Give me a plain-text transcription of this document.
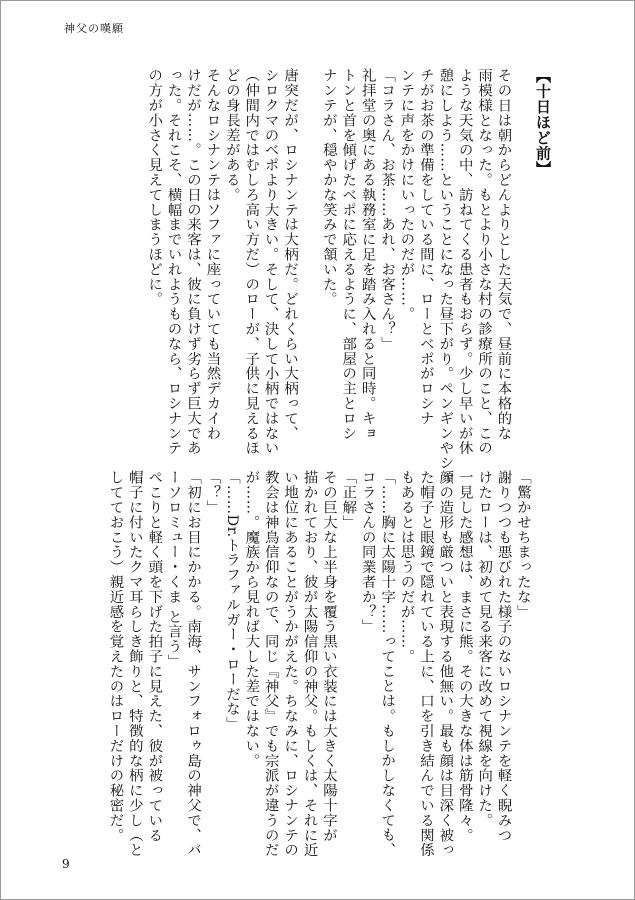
神父の嘆願
【十日ほど前】
その日は朝からどんよりとした天気で、昼前に本格的な
雨模様となった。もとより小さな村の診療所のこと、この
ような天気の中、訪ねてくる患者もおらず。少し早いが休
憩にしよう……ということになった昼下がり。ペンギンやシャ
チがお茶の準備をしている間に、ローとベポがロシナ
ンテに声をかけにいったのだが……。
「コラさん、お茶……あれ、お客さん？」
礼拝堂の奥にある執務室に足を踏み入れると同時。キョ
トンと首を傾げたベポに応えるように、部屋の主とロシ
ナンテが、穏やかな笑みで頷いた。

唐突だが、ロシナンテは大柄だ。どれくらい大柄って、
シロクマのベポより大きい。そして、決して小柄ではない
（仲間内ではむしろ高い方だ）のローが、子供に見えるほ
どの身長差がある。
そんなロシナンテはソファに座っていても当然デカイわ
けだが……。この日の来客は、彼に負けず劣らず巨大であ
った。それこそ、横幅までいれようものなら、ロシナンテ
の方が小さく見えてしまうほどに。
「驚かせちまったな」
謝りつつも悪びれた様子のないロシナンテを軽く睨みつ
けたローは、初めて見る来客に改めて視線を向けた。
一見した感想は、まさに熊。その大きな体は筋骨隆々。
顔の造形も厳ついと表現する他無い。最も顔は目深く被っ
た帽子と眼鏡で隠れている上に、口を引き結んでいる関係
もあるとは思うのだが……。
「……胸に太陽十字……ってことは。もしかしなくても、
コラさんの同業者か？」
「正解」
その巨大な上半身を覆う黒い衣装には大きく太陽十字が
描かれており、彼が太陽信仰の神父。もしくは、それに近
い地位にあることがうかがえた。ちなみに、ロシナンテの
教会は神鳥信仰なので、同じ『神父』でも宗派が違うのだ
が……。魔族から見れば大した差ではない。
「……Dr.トラファルガー・ローだな」
「？」
「初にお目にかかる。南海、サンフォロゥ島の神父で、バ
ーソロミュー・くま と言う」
ぺこりと軽く頭を下げた拍子に見えた、彼が被っている
帽子に付いたクマ耳らしき飾りと、特徴的な柄に少し（と
してておこう）親近感を覚えたのはローだけの秘密だ。
9
